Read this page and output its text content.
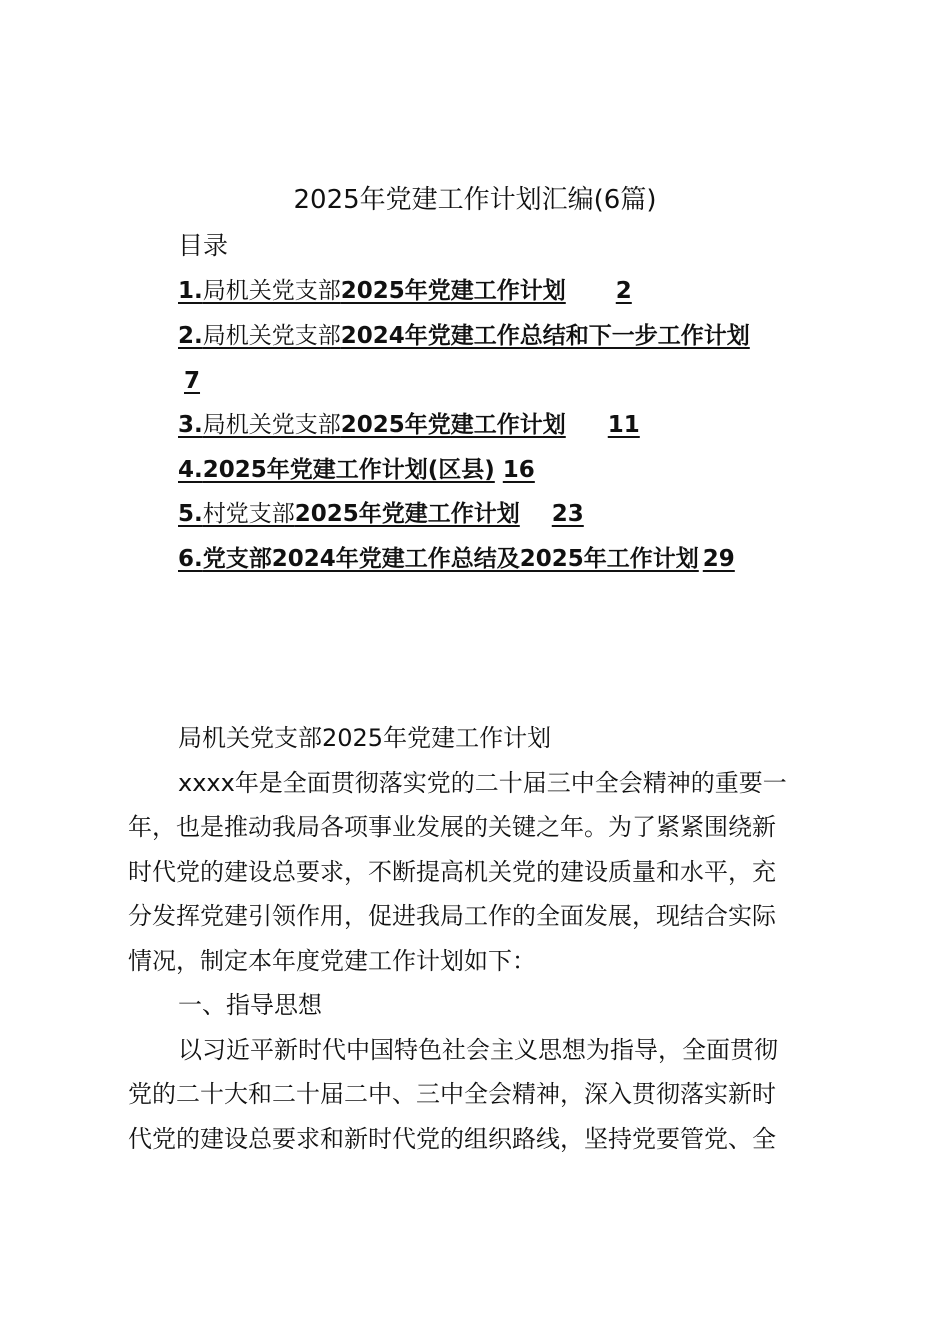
2025年党建工作计划汇编(6篇)
目录
1.局机关党支部2025年党建工作计划 2
2.局机关党支部2024年党建工作总结和下一步工作计划
7
3.局机关党支部2025年党建工作计划 11
4.2025年党建工作计划(区县) 16
5.村党支部2025年党建工作计划 23
6.党支部2024年党建工作总结及2025年工作计划 29
局机关党支部2025年党建工作计划
xxxx年是全面贯彻落实党的二十届三中全会精神的重要一
年，也是推动我局各项事业发展的关键之年。为了紧紧围绕新
时代党的建设总要求，不断提高机关党的建设质量和水平，充
分发挥党建引领作用，促进我局工作的全面发展，现结合实际
情况，制定本年度党建工作计划如下：
一、指导思想
以习近平新时代中国特色社会主义思想为指导，全面贯彻
党的二十大和二十届二中、三中全会精神，深入贯彻落实新时
代党的建设总要求和新时代党的组织路线，坚持党要管党、全
